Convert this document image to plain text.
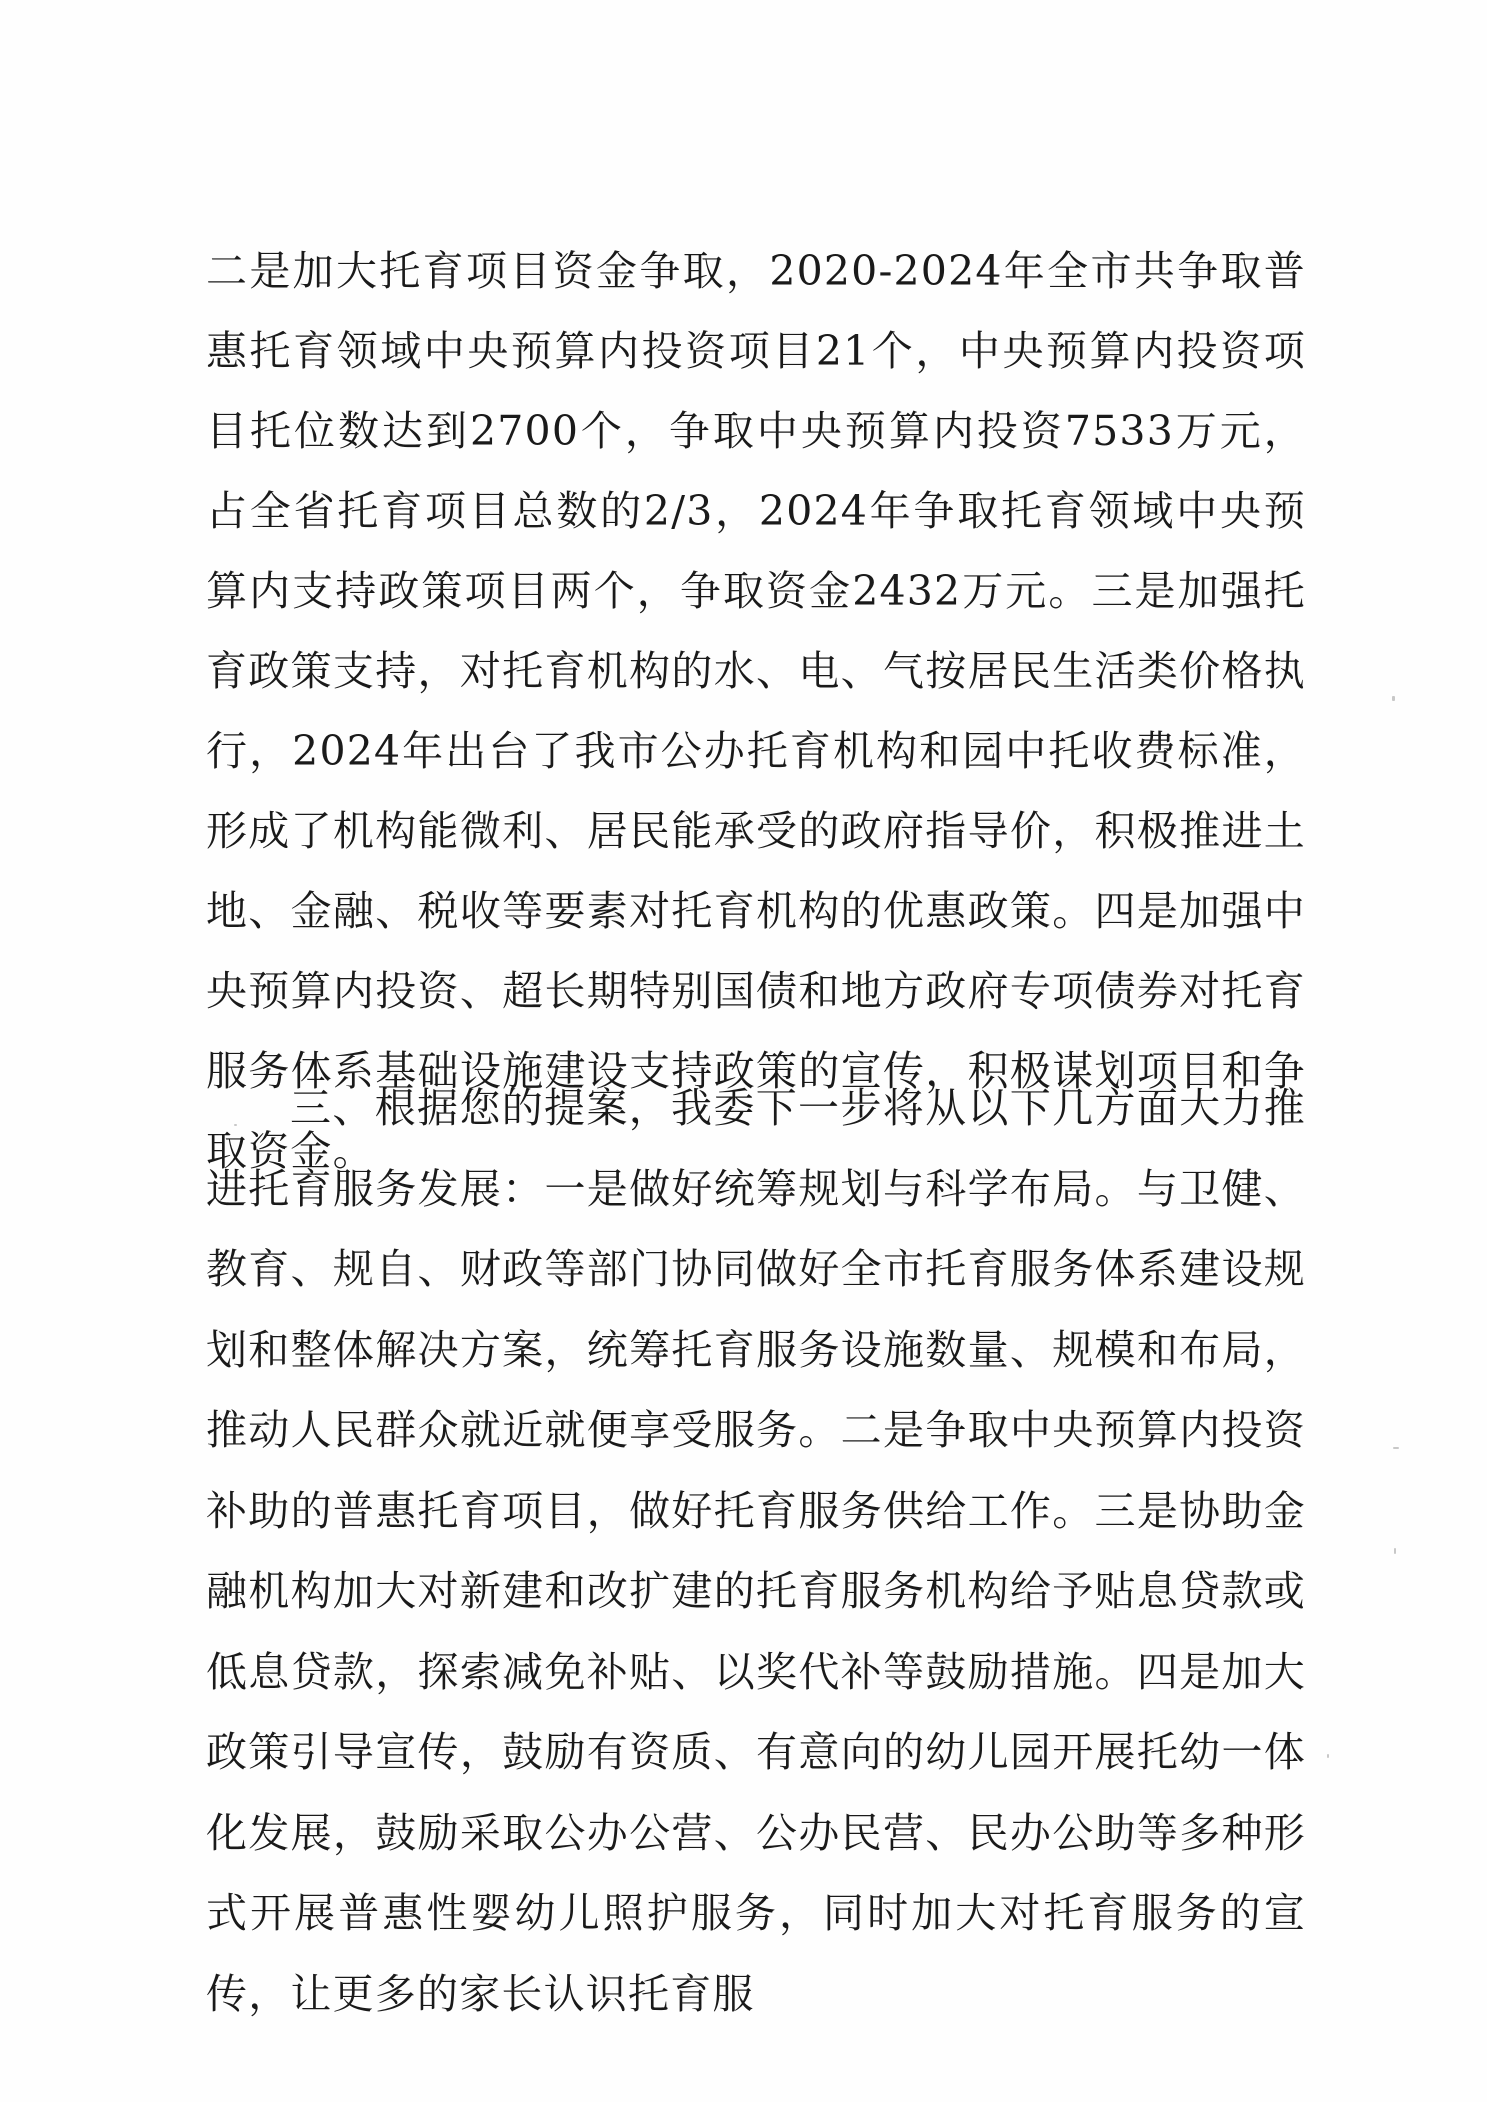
二是加大托育项目资金争取，2020-2024年全市共争取普惠托育领域中央预算内投资项目21个，中央预算内投资项目托位数达到2700个，争取中央预算内投资7533万元，占全省托育项目总数的2/3，2024年争取托育领域中央预算内支持政策项目两个，争取资金2432万元。三是加强托育政策支持，对托育机构的水、电、气按居民生活类价格执行，2024年出台了我市公办托育机构和园中托收费标准，形成了机构能微利、居民能承受的政府指导价，积极推进土地、金融、税收等要素对托育机构的优惠政策。四是加强中央预算内投资、超长期特别国债和地方政府专项债券对托育服务体系基础设施建设支持政策的宣传，积极谋划项目和争取资金。

三、根据您的提案，我委下一步将从以下几方面大力推进托育服务发展：一是做好统筹规划与科学布局。与卫健、教育、规自、财政等部门协同做好全市托育服务体系建设规划和整体解决方案，统筹托育服务设施数量、规模和布局，推动人民群众就近就便享受服务。二是争取中央预算内投资补助的普惠托育项目，做好托育服务供给工作。三是协助金融机构加大对新建和改扩建的托育服务机构给予贴息贷款或低息贷款，探索减免补贴、以奖代补等鼓励措施。四是加大政策引导宣传，鼓励有资质、有意向的幼儿园开展托幼一体化发展，鼓励采取公办公营、公办民营、民办公助等多种形式开展普惠性婴幼儿照护服务，同时加大对托育服务的宣传，让更多的家长认识托育服
